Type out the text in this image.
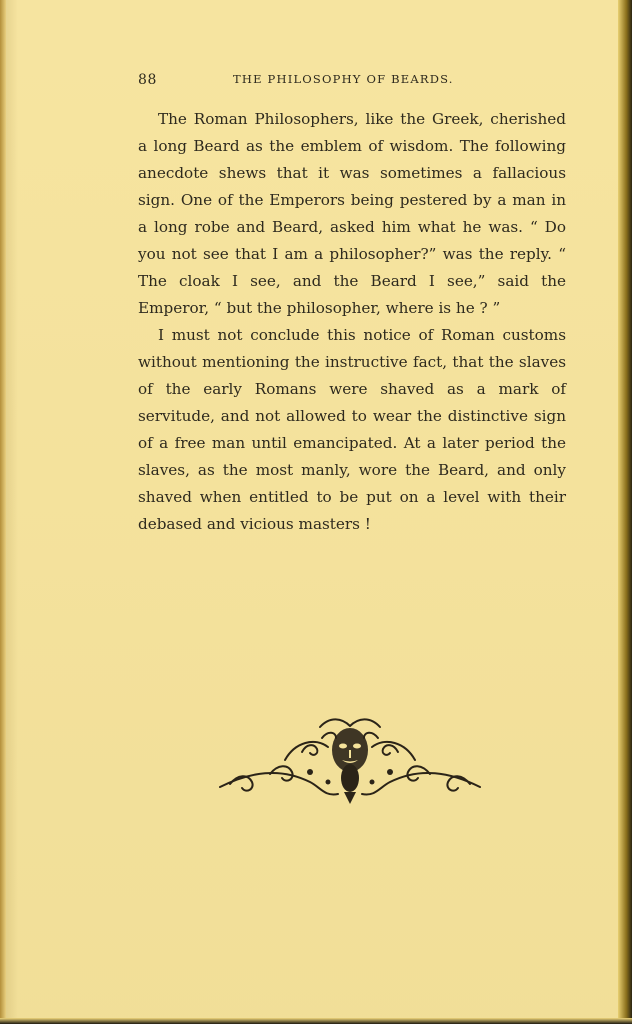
88	THE PHILOSOPHY OF BEARDS.

The Roman Philosophers, like the Greek, cherished a long Beard as the emblem of wisdom. The following anecdote shews that it was sometimes a fallacious sign. One of the Emperors being pestered by a man in a long robe and Beard, asked him what he was. “ Do you not see that I am a philosopher?” was the reply. “ The cloak I see, and the Beard I see,” said the Emperor, “ but the philosopher, where is he ? ”

I must not conclude this notice of Roman customs without mentioning the instructive fact, that the slaves of the early Romans were shaved as a mark of servitude, and not allowed to wear the distinctive sign of a free man until emancipated. At a later period the slaves, as the most manly, wore the Beard, and only shaved when entitled to be put on a level with their debased and vicious masters !
